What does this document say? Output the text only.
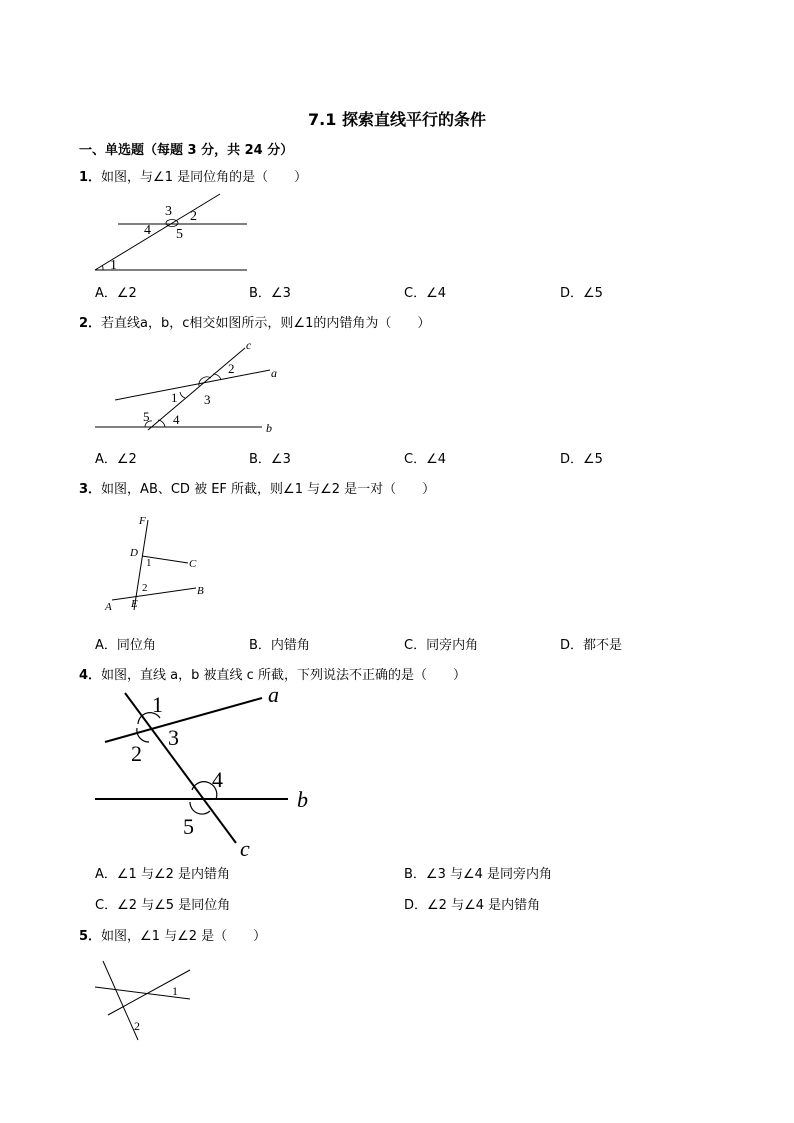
7.1 探索直线平行的条件
一、单选题（每题 3 分，共 24 分）
1．如图，与∠1 是同位角的是（　　）
1
2
3
4 5
A．∠2	B．∠3	C．∠4	D．∠5
2．若直线a，b，c相交如图所示，则∠1的内错角为（　　）
1
2
3
4
5
a
b
c
A．∠2	B．∠3	C．∠4	D．∠5
3．如图，AB、CD 被 EF 所截，则∠1 与∠2 是一对（　　）
F
D
C
1
2	B
A E
A．同位角	B．内错角	C．同旁内角	D．都不是
4．如图，直线 a，b 被直线 c 所截，下列说法不正确的是（　　）
1
2
3
4
5
a
b
c
A．∠1 与∠2 是内错角	B．∠3 与∠4 是同旁内角
C．∠2 与∠5 是同位角	D．∠2 与∠4 是内错角
5．如图，∠1 与∠2 是（　　）
1
2
